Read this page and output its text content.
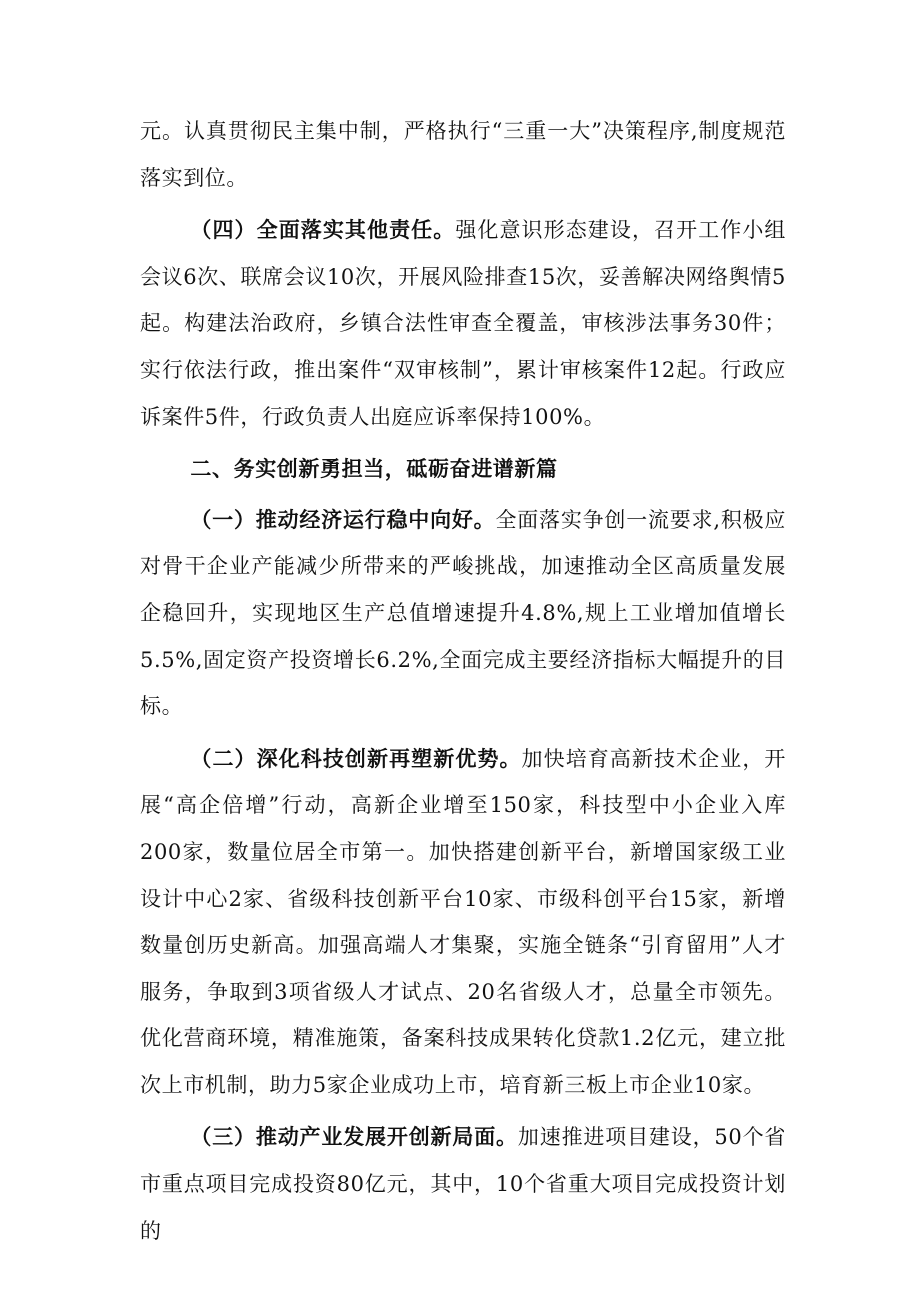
元。认真贯彻民主集中制，严格执行“三重一大”决策程序,制度规范落实到位。

（四）全面落实其他责任。强化意识形态建设，召开工作小组会议6次、联席会议10次，开展风险排查15次，妥善解决网络舆情5起。构建法治政府，乡镇合法性审查全覆盖，审核涉法事务30件；实行依法行政，推出案件“双审核制”，累计审核案件12起。行政应诉案件5件，行政负责人出庭应诉率保持100%。

二、务实创新勇担当，砥砺奋进谱新篇

（一）推动经济运行稳中向好。全面落实争创一流要求,积极应对骨干企业产能减少所带来的严峻挑战，加速推动全区高质量发展企稳回升，实现地区生产总值增速提升4.8%,规上工业增加值增长5.5%,固定资产投资增长6.2%,全面完成主要经济指标大幅提升的目标。

（二）深化科技创新再塑新优势。加快培育高新技术企业，开展“高企倍增”行动，高新企业增至150家，科技型中小企业入库200家，数量位居全市第一。加快搭建创新平台，新增国家级工业设计中心2家、省级科技创新平台10家、市级科创平台15家，新增数量创历史新高。加强高端人才集聚，实施全链条“引育留用”人才服务，争取到3项省级人才试点、20名省级人才，总量全市领先。优化营商环境，精准施策，备案科技成果转化贷款1.2亿元，建立批次上市机制，助力5家企业成功上市，培育新三板上市企业10家。

（三）推动产业发展开创新局面。加速推进项目建设，50个省市重点项目完成投资80亿元，其中，10个省重大项目完成投资计划的
